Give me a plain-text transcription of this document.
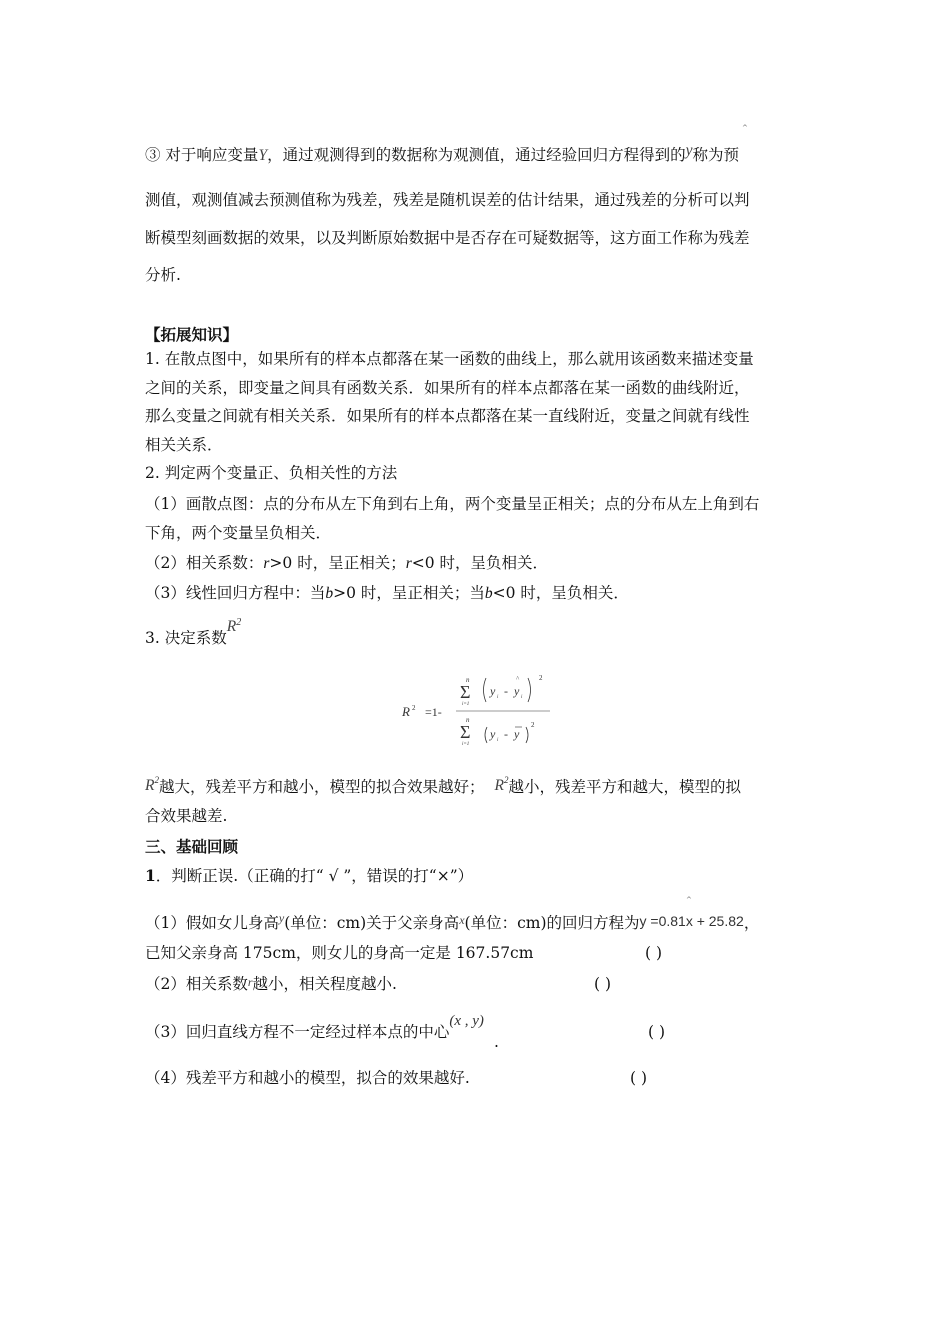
③ 对于响应变量Y，通过观测得到的数据称为观测值，通过经验回归方程得到的y称为预
测值，观测值减去预测值称为残差，残差是随机误差的估计结果，通过残差的分析可以判
断模型刻画数据的效果，以及判断原始数据中是否存在可疑数据等，这方面工作称为残差
分析.
【拓展知识】
1. 在散点图中，如果所有的样本点都落在某一函数的曲线上，那么就用该函数来描述变量
之间的关系，即变量之间具有函数关系．如果所有的样本点都落在某一函数的曲线附近，
那么变量之间就有相关关系．如果所有的样本点都落在某一直线附近，变量之间就有线性
相关关系．
2. 判定两个变量正、负相关性的方法
（1）画散点图：点的分布从左下角到右上角，两个变量呈正相关；点的分布从左上角到右
下角，两个变量呈负相关．
（2）相关系数：r>0 时，呈正相关；r<0 时，呈负相关．
（3）线性回归方程中：当b>0 时，呈正相关；当b<0 时，呈负相关．
3. 决定系数$R^2$
R 2 =1-
n
Σ
i=1
y i -
^
y i
2
n
Σ
i=1
y i - y
2
$R^2$越大，残差平方和越小，模型的拟合效果越好； $R^2$越小，残差平方和越大，模型的拟
合效果越差.
三、基础回顾
1．判断正误.（正确的打“ √ ”，错误的打“×”）
（1）假如女儿身高$^y$(单位：cm)关于父亲身高$^x$(单位：cm)的回归方程为y =0.81x + 25.82，
已知父亲身高 175cm，则女儿的身高一定是 167.57cm	( )
（2）相关系数r越小，相关程度越小.	( )
（3）回归直线方程不一定经过样本点的中心(x , y).
( )
（4）残差平方和越小的模型，拟合的效果越好.	( )
^
^
